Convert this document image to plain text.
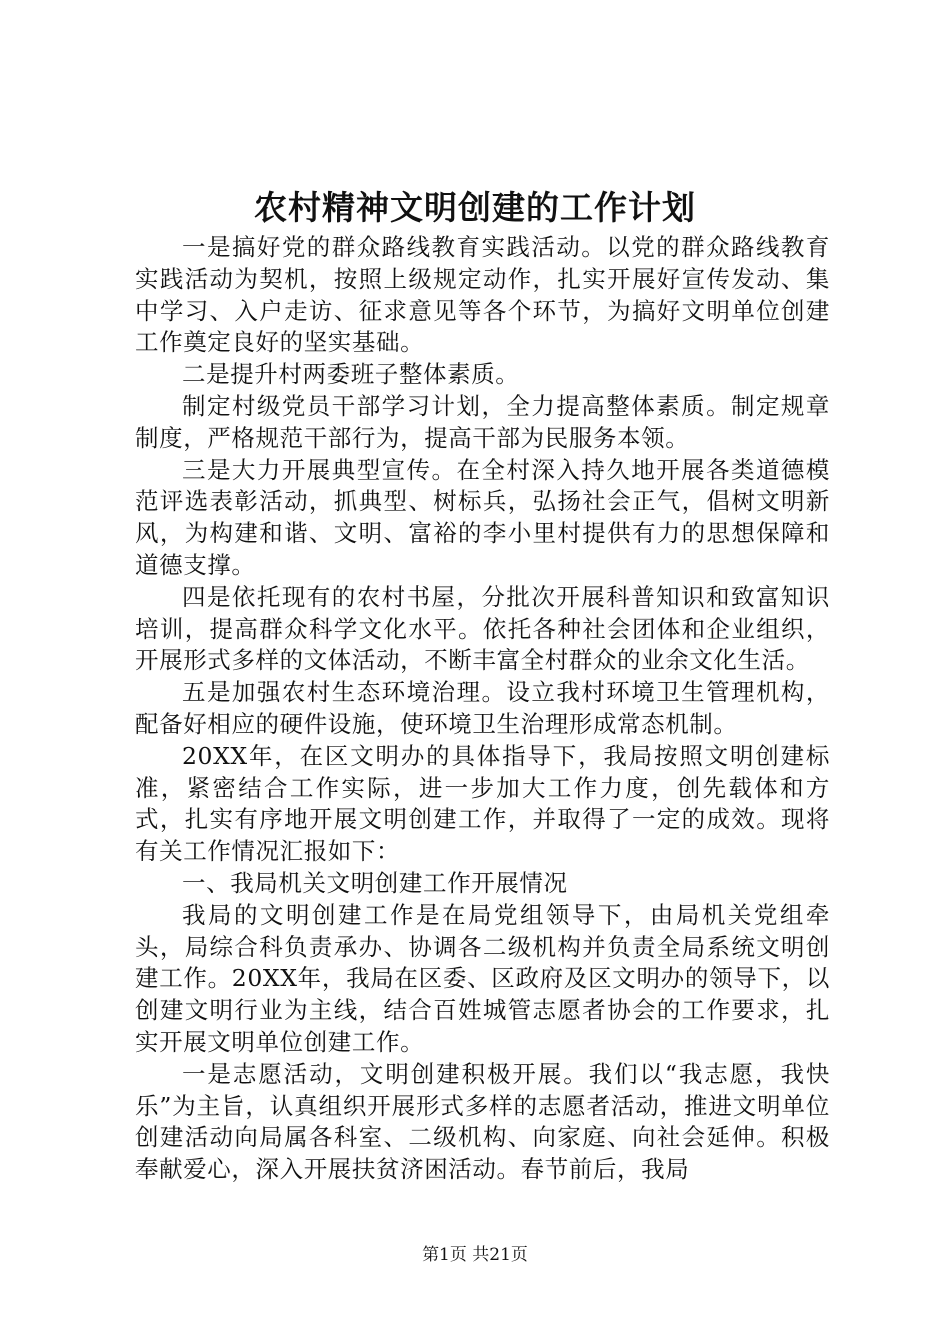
农村精神文明创建的工作计划

一是搞好党的群众路线教育实践活动。以党的群众路线教育实践活动为契机，按照上级规定动作，扎实开展好宣传发动、集中学习、入户走访、征求意见等各个环节，为搞好文明单位创建工作奠定良好的坚实基础。

二是提升村两委班子整体素质。

制定村级党员干部学习计划，全力提高整体素质。制定规章制度，严格规范干部行为，提高干部为民服务本领。

三是大力开展典型宣传。在全村深入持久地开展各类道德模范评选表彰活动，抓典型、树标兵，弘扬社会正气，倡树文明新风，为构建和谐、文明、富裕的李小里村提供有力的思想保障和道德支撑。

四是依托现有的农村书屋，分批次开展科普知识和致富知识培训，提高群众科学文化水平。依托各种社会团体和企业组织，开展形式多样的文体活动，不断丰富全村群众的业余文化生活。

五是加强农村生态环境治理。设立我村环境卫生管理机构，配备好相应的硬件设施，使环境卫生治理形成常态机制。

20XX年，在区文明办的具体指导下，我局按照文明创建标准，紧密结合工作实际，进一步加大工作力度，创先载体和方式，扎实有序地开展文明创建工作，并取得了一定的成效。现将有关工作情况汇报如下：

一、我局机关文明创建工作开展情况

我局的文明创建工作是在局党组领导下，由局机关党组牵头，局综合科负责承办、协调各二级机构并负责全局系统文明创建工作。20XX年，我局在区委、区政府及区文明办的领导下，以创建文明行业为主线，结合百姓城管志愿者协会的工作要求，扎实开展文明单位创建工作。

一是志愿活动，文明创建积极开展。我们以“我志愿，我快乐”为主旨，认真组织开展形式多样的志愿者活动，推进文明单位创建活动向局属各科室、二级机构、向家庭、向社会延伸。积极奉献爱心，深入开展扶贫济困活动。春节前后，我局

第1页 共21页
